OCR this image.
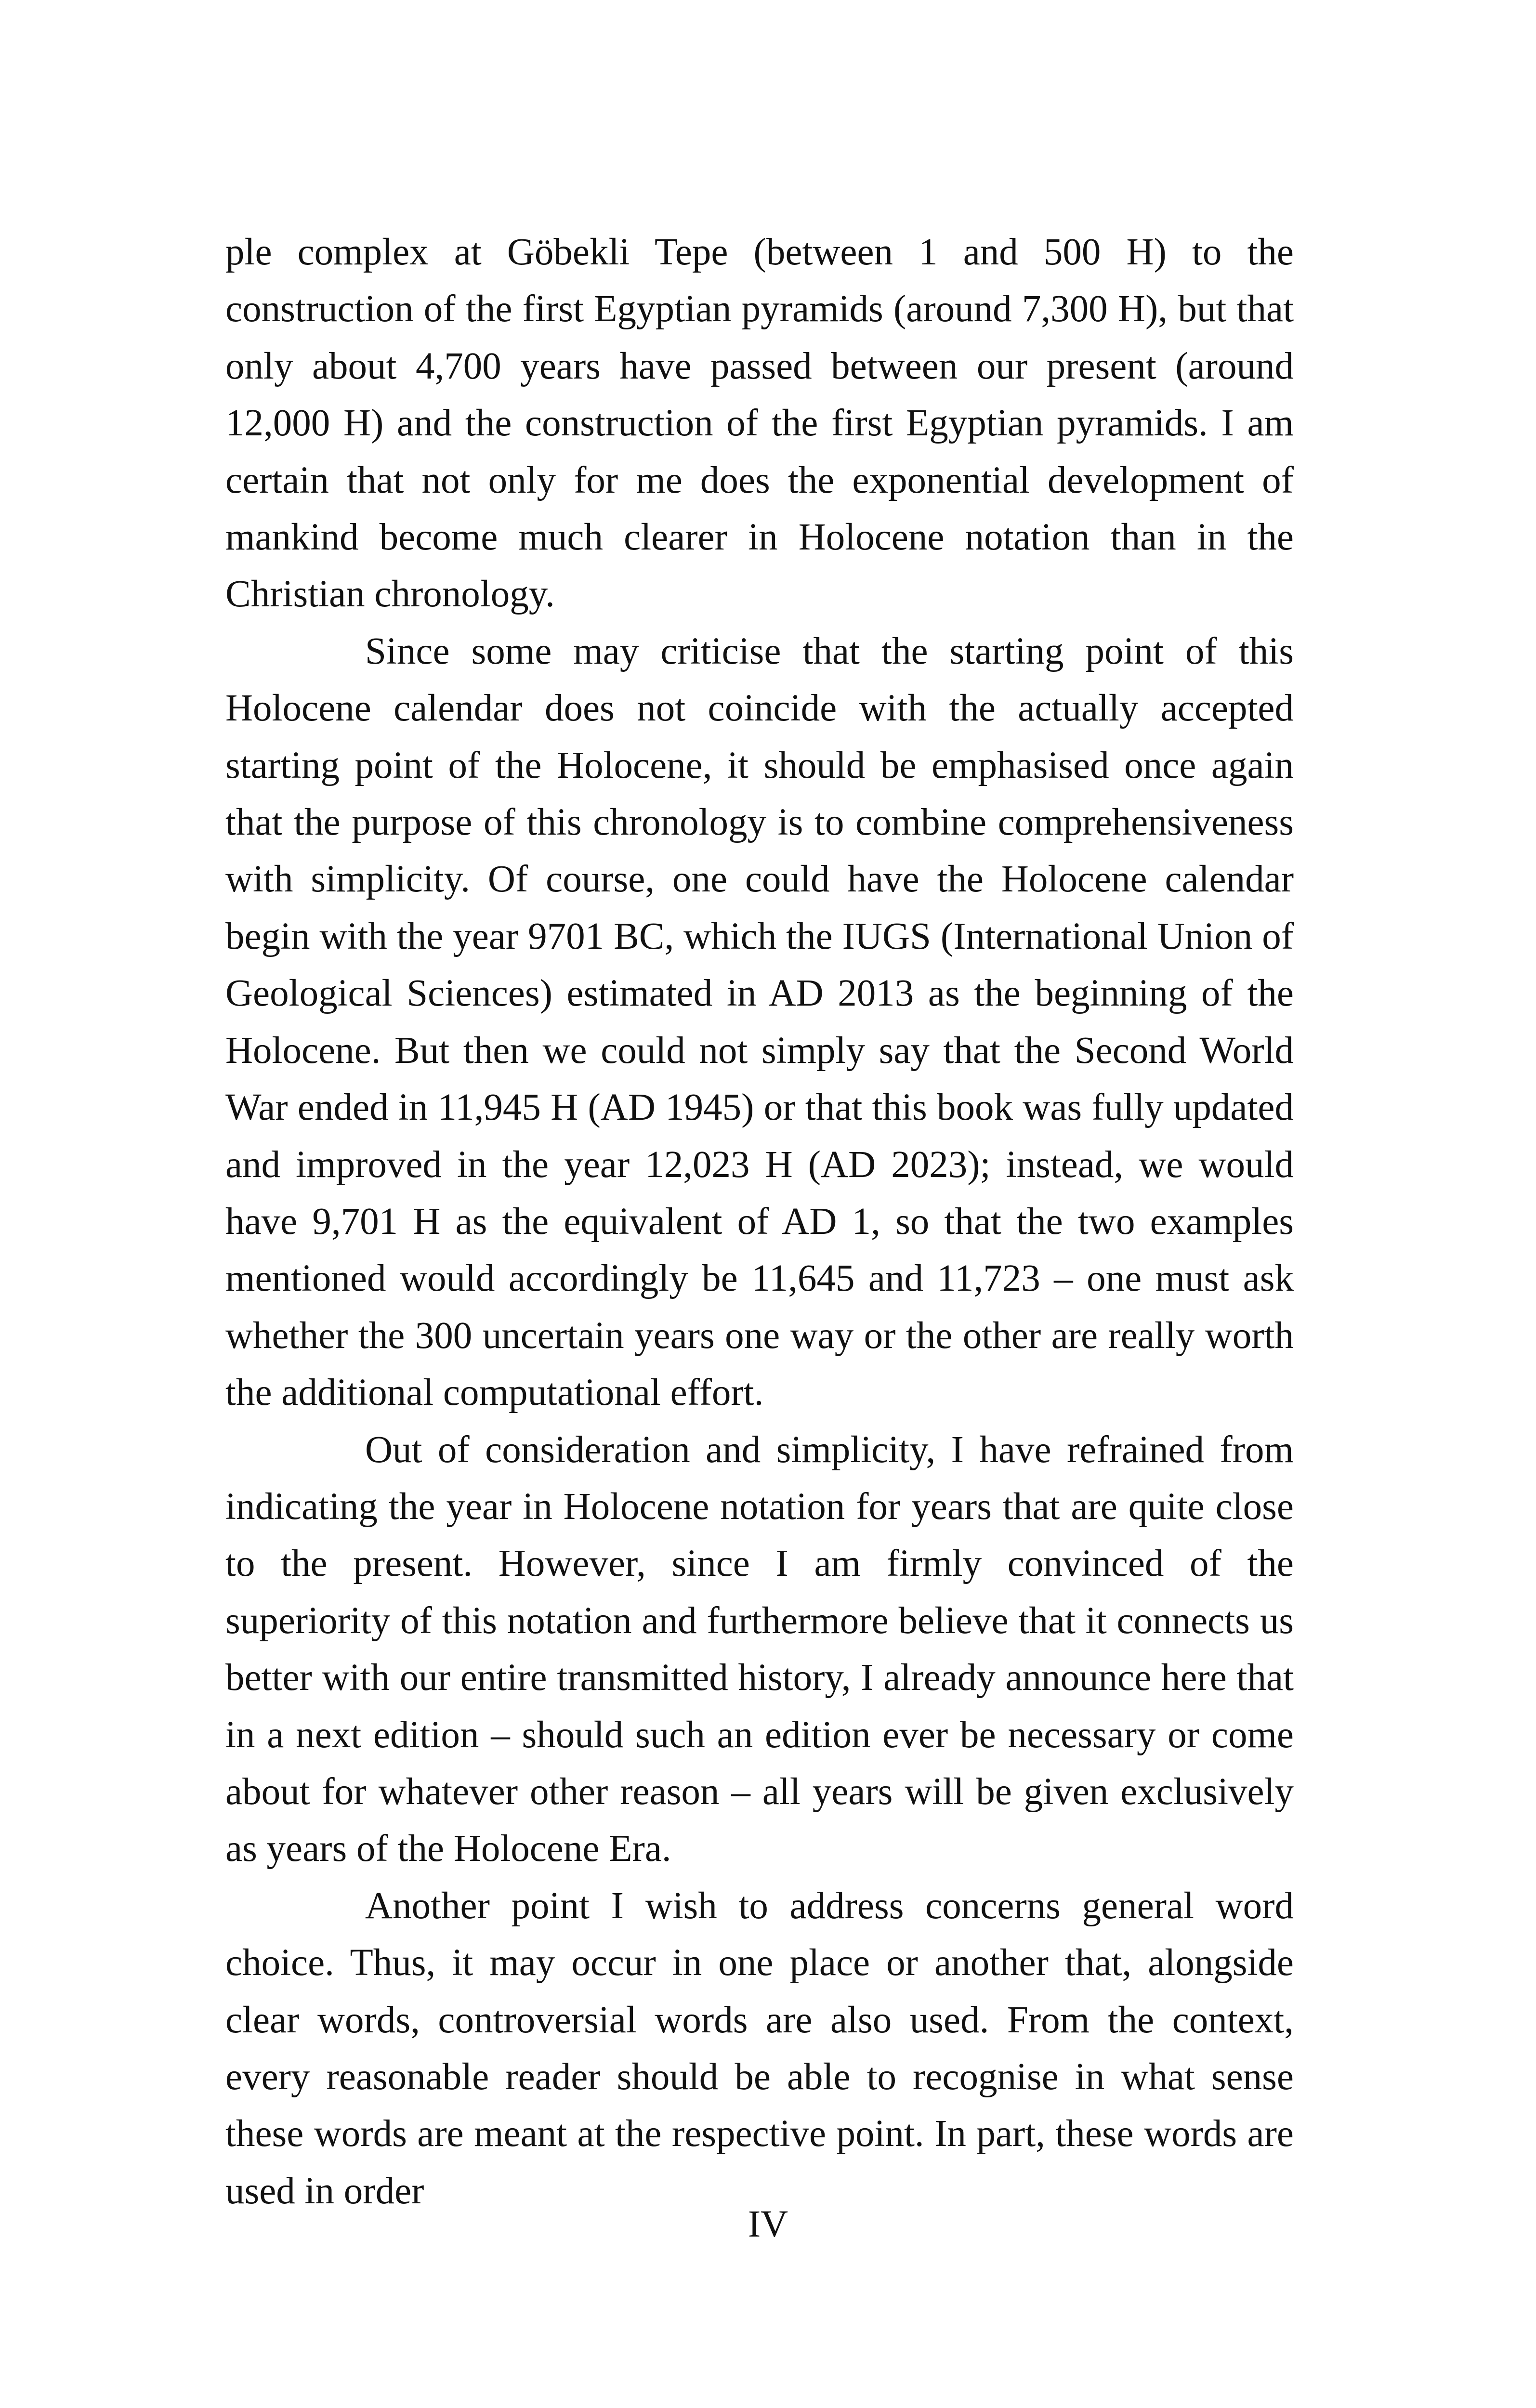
ple complex at Göbekli Tepe (between 1 and 500 H) to the construction of the first Egyptian pyramids (around 7,300 H), but that only about 4,700 years have passed between our present (around 12,000 H) and the construction of the first Egyptian pyramids. I am certain that not only for me does the exponential development of mankind become much clearer in Holocene notation than in the Christian chronology.

Since some may criticise that the starting point of this Holocene calendar does not coincide with the actually accepted starting point of the Holocene, it should be emphasised once again that the purpose of this chronology is to combine comprehensiveness with simplicity. Of course, one could have the Holocene calendar begin with the year 9701 BC, which the IUGS (International Union of Geological Sciences) estimated in AD 2013 as the beginning of the Holocene. But then we could not simply say that the Second World War ended in 11,945 H (AD 1945) or that this book was fully updated and improved in the year 12,023 H (AD 2023); instead, we would have 9,701 H as the equivalent of AD 1, so that the two examples mentioned would accordingly be 11,645 and 11,723 – one must ask whether the 300 uncertain years one way or the other are really worth the additional computational effort.

Out of consideration and simplicity, I have refrained from indicating the year in Holocene notation for years that are quite close to the present. However, since I am firmly convinced of the superiority of this notation and furthermore believe that it connects us better with our entire transmitted history, I already announce here that in a next edition – should such an edition ever be necessary or come about for whatever other reason – all years will be given exclusively as years of the Holocene Era.

Another point I wish to address concerns general word choice. Thus, it may occur in one place or another that, alongside clear words, controversial words are also used. From the context, every reasonable reader should be able to recognise in what sense these words are meant at the respective point. In part, these words are used in order

IV
